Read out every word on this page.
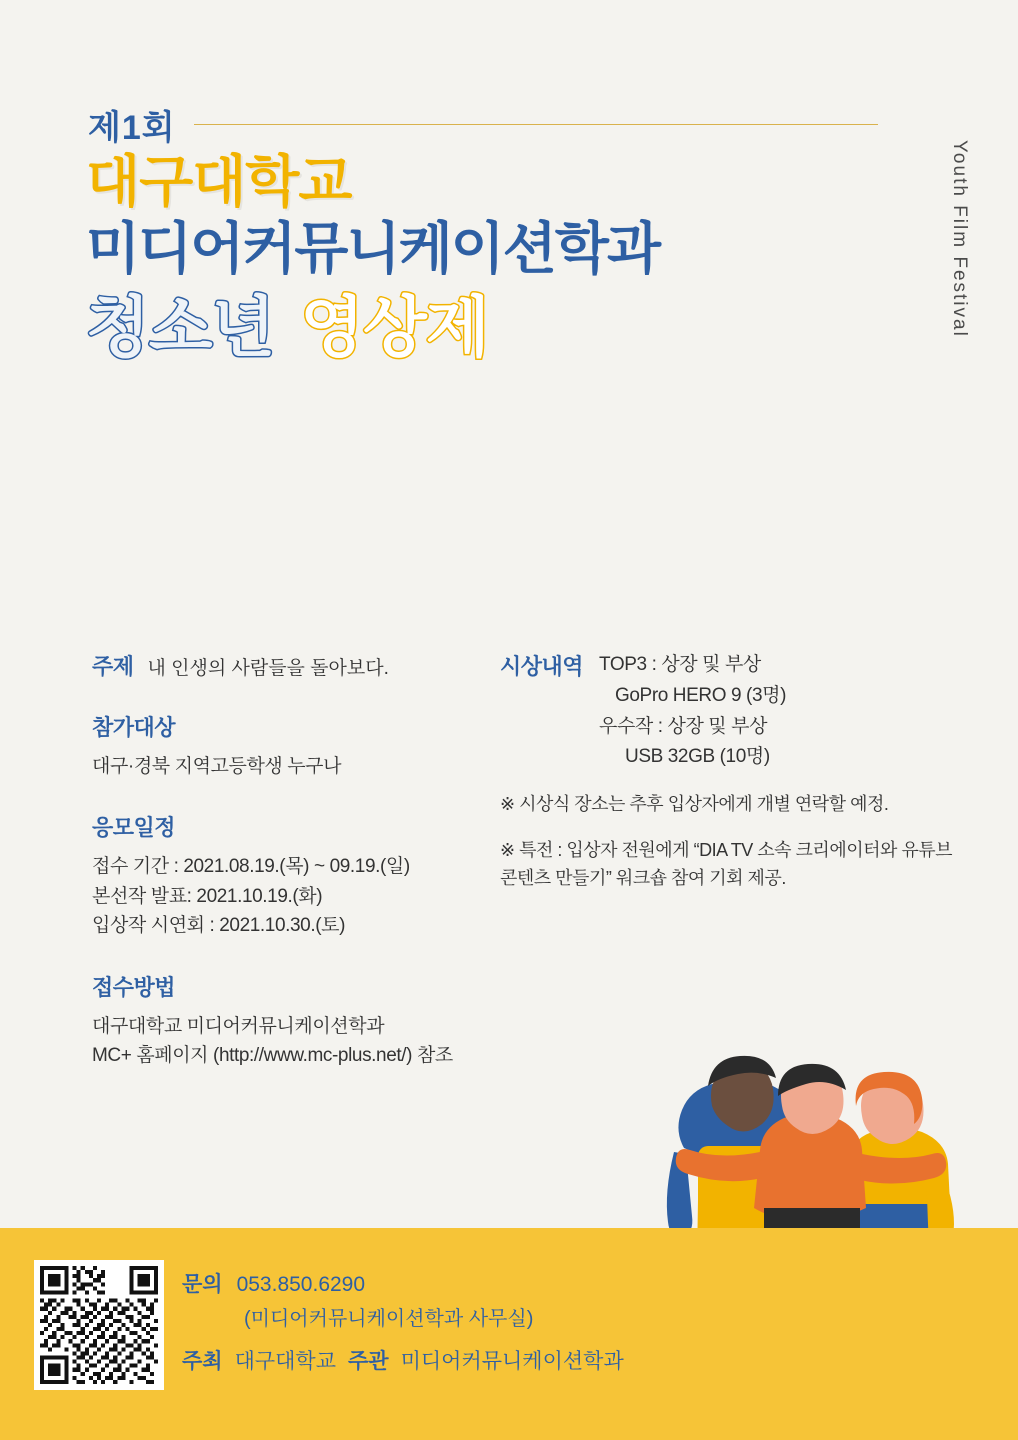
제1회
대구대학교
미디어커뮤니케이션학과
청소년 영상제	Youth Film Festival
주제 내 인생의 사람들을 돌아보다.
참가대상
대구·경북 지역고등학생 누구나
응모일정
접수 기간 : 2021.08.19.(목) ~ 09.19.(일)
본선작 발표: 2021.10.19.(화)
입상작 시연회 : 2021.10.30.(토)
접수방법
대구대학교 미디어커뮤니케이션학과
MC+ 홈페이지 (http://www.mc-plus.net/) 참조
시상내역 TOP3 : 상장 및 부상
GoPro HERO 9 (3명)
우수작 : 상장 및 부상
USB 32GB (10명)
※ 시상식 장소는 추후 입상자에게 개별 연락할 예정.
※ 특전 : 입상자 전원에게 “DIA TV 소속 크리에이터와 유튜브 콘텐츠 만들기” 워크숍 참여 기회 제공.
문의 053.850.6290
(미디어커뮤니케이션학과 사무실)
주최 대구대학교 주관 미디어커뮤니케이션학과
